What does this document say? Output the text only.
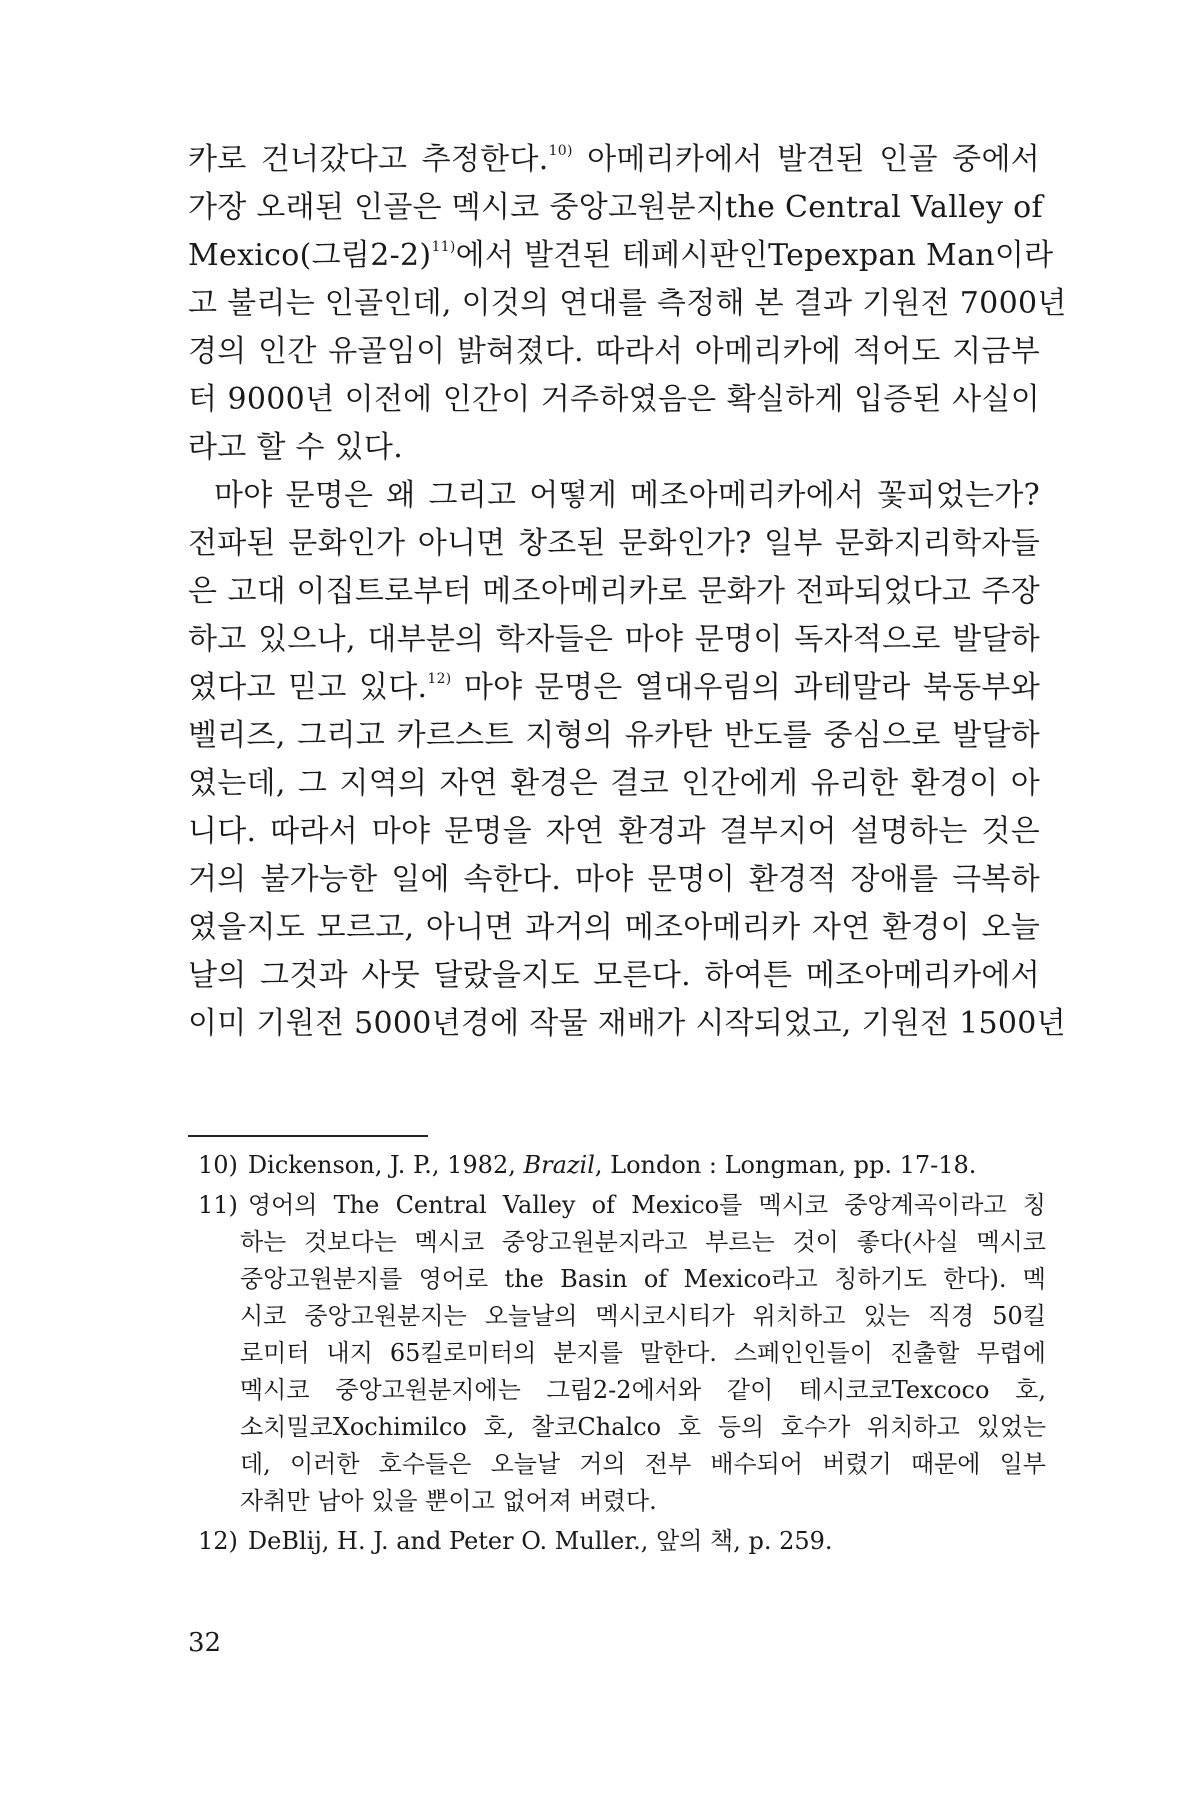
카로 건너갔다고 추정한다.$^{10)}$ 아메리카에서 발견된 인골 중에서
가장 오래된 인골은 멕시코 중앙고원분지the Central Valley of
Mexico(그림2-2)$^{11)}$에서 발견된 테페시판인Tepexpan Man이라
고 불리는 인골인데, 이것의 연대를 측정해 본 결과 기원전 7000년
경의 인간 유골임이 밝혀졌다. 따라서 아메리카에 적어도 지금부
터 9000년 이전에 인간이 거주하였음은 확실하게 입증된 사실이
라고 할 수 있다.
마야 문명은 왜 그리고 어떻게 메조아메리카에서 꽃피었는가?
전파된 문화인가 아니면 창조된 문화인가? 일부 문화지리학자들
은 고대 이집트로부터 메조아메리카로 문화가 전파되었다고 주장
하고 있으나, 대부분의 학자들은 마야 문명이 독자적으로 발달하
였다고 믿고 있다.$^{12)}$ 마야 문명은 열대우림의 과테말라 북동부와
벨리즈, 그리고 카르스트 지형의 유카탄 반도를 중심으로 발달하
였는데, 그 지역의 자연 환경은 결코 인간에게 유리한 환경이 아
니다. 따라서 마야 문명을 자연 환경과 결부지어 설명하는 것은
거의 불가능한 일에 속한다. 마야 문명이 환경적 장애를 극복하
였을지도 모르고, 아니면 과거의 메조아메리카 자연 환경이 오늘
날의 그것과 사뭇 달랐을지도 모른다. 하여튼 메조아메리카에서
이미 기원전 5000년경에 작물 재배가 시작되었고, 기원전 1500년
10) Dickenson, J. P., 1982, Brazil, London : Longman, pp. 17-18.
11) 영어의 The Central Valley of Mexico를 멕시코 중앙계곡이라고 칭
하는 것보다는 멕시코 중앙고원분지라고 부르는 것이 좋다(사실 멕시코
중앙고원분지를 영어로 the Basin of Mexico라고 칭하기도 한다). 멕
시코 중앙고원분지는 오늘날의 멕시코시티가 위치하고 있는 직경 50킬
로미터 내지 65킬로미터의 분지를 말한다. 스페인인들이 진출할 무렵에
멕시코 중앙고원분지에는 그림2-2에서와 같이 테시코코Texcoco 호,
소치밀코Xochimilco 호, 찰코Chalco 호 등의 호수가 위치하고 있었는
데, 이러한 호수들은 오늘날 거의 전부 배수되어 버렸기 때문에 일부
자취만 남아 있을 뿐이고 없어져 버렸다.
12) DeBlij, H. J. and Peter O. Muller., 앞의 책, p. 259.
32
